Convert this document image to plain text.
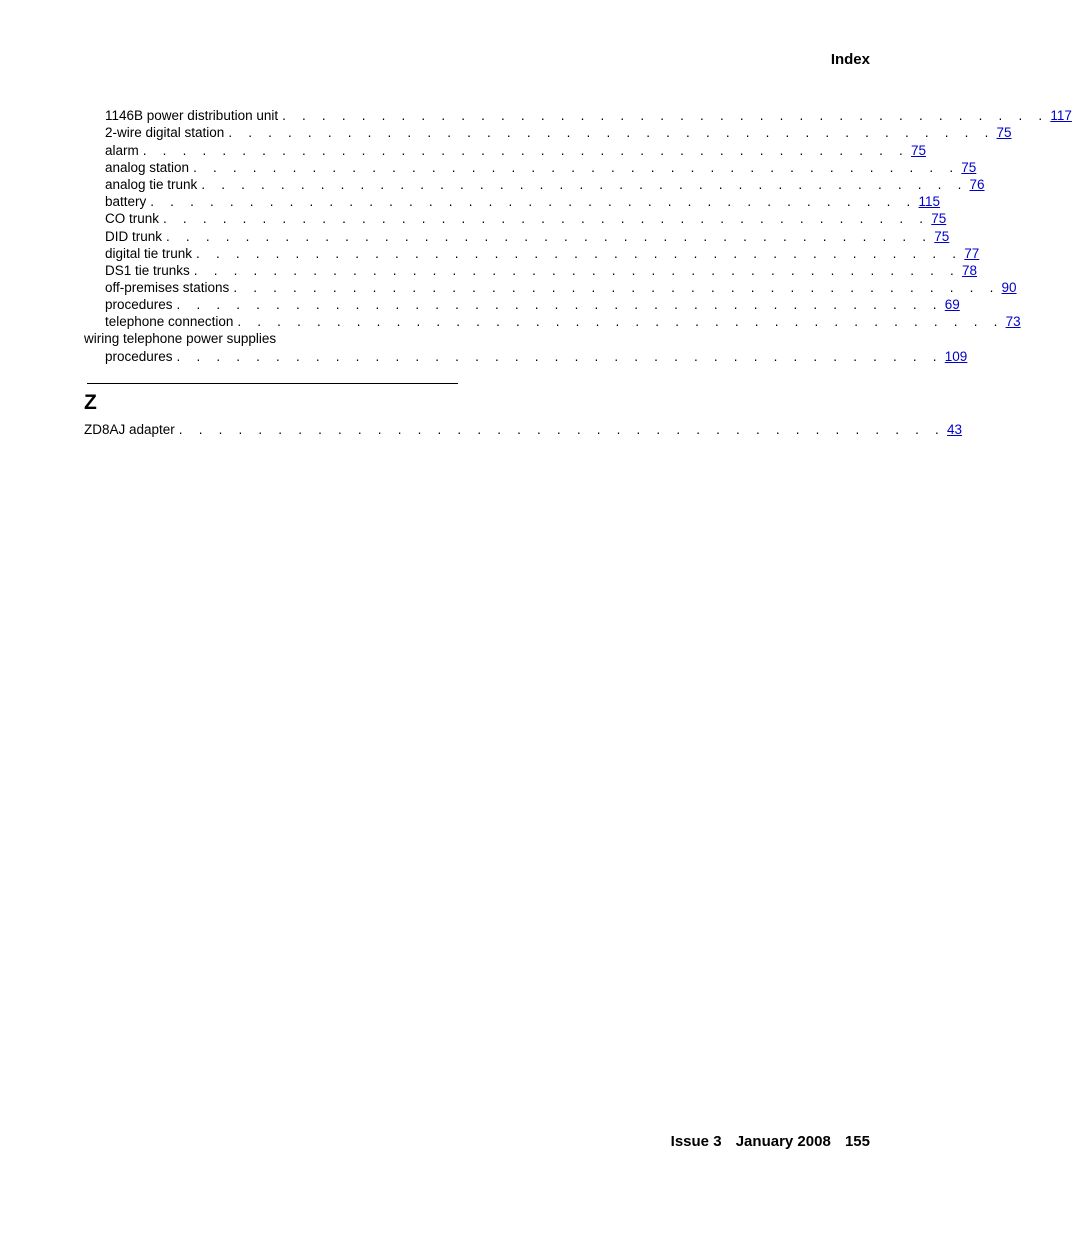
Index
1146B power distribution unit . . . . . . . . . . . . . . . . . . . . . . . . . . . . . . . . . . . . . . . 117
2-wire digital station . . . . . . . . . . . . . . . . . . . . . . . . . . . . . . . . . . . . . . . 75
alarm . . . . . . . . . . . . . . . . . . . . . . . . . . . . . . . . . . . . . . . 75
analog station . . . . . . . . . . . . . . . . . . . . . . . . . . . . . . . . . . . . . . . 75
analog tie trunk . . . . . . . . . . . . . . . . . . . . . . . . . . . . . . . . . . . . . . . 76
battery . . . . . . . . . . . . . . . . . . . . . . . . . . . . . . . . . . . . . . . 115
CO trunk . . . . . . . . . . . . . . . . . . . . . . . . . . . . . . . . . . . . . . . 75
DID trunk . . . . . . . . . . . . . . . . . . . . . . . . . . . . . . . . . . . . . . . 75
digital tie trunk . . . . . . . . . . . . . . . . . . . . . . . . . . . . . . . . . . . . . . . 77
DS1 tie trunks . . . . . . . . . . . . . . . . . . . . . . . . . . . . . . . . . . . . . . . 78
off-premises stations . . . . . . . . . . . . . . . . . . . . . . . . . . . . . . . . . . . . . . . 90
procedures . . . . . . . . . . . . . . . . . . . . . . . . . . . . . . . . . . . . . . . 69
telephone connection . . . . . . . . . . . . . . . . . . . . . . . . . . . . . . . . . . . . . . . 73
wiring telephone power supplies
procedures . . . . . . . . . . . . . . . . . . . . . . . . . . . . . . . . . . . . . . . 109
Z
ZD8AJ adapter . . . . . . . . . . . . . . . . . . . . . . . . . . . . . . . . . . . . . . . 43
Issue 3 January 2008 155
